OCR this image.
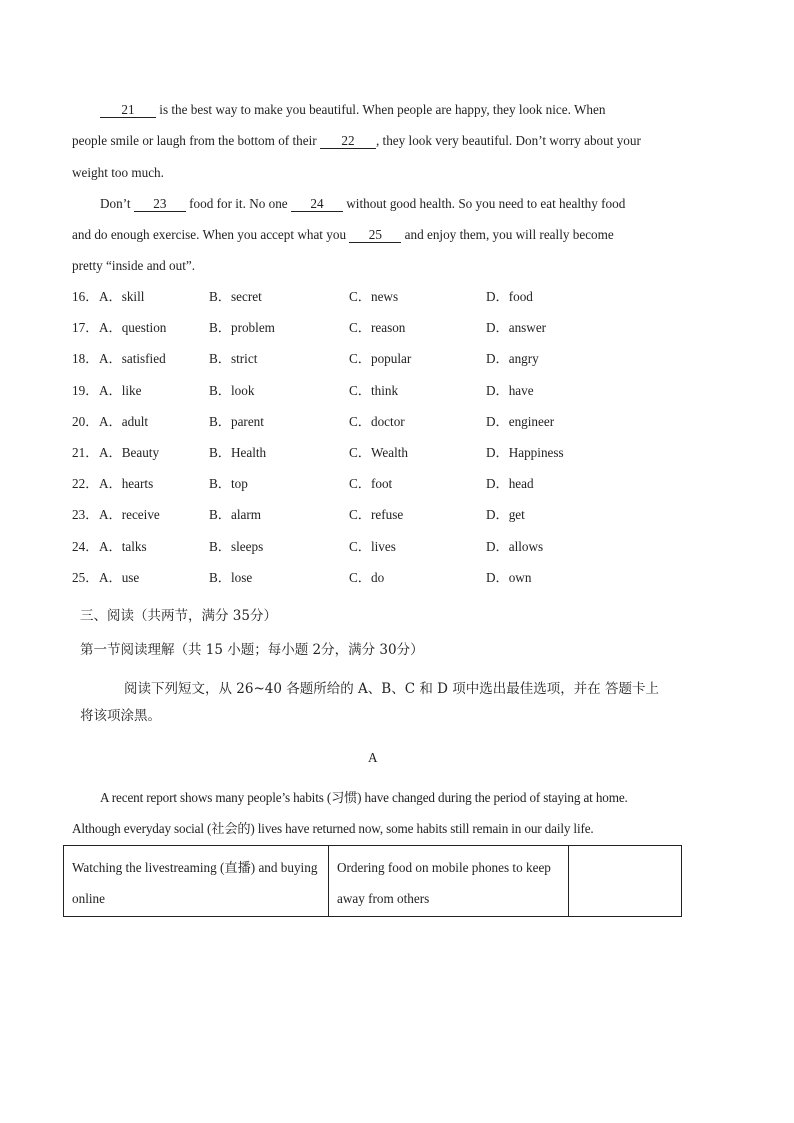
21 is the best way to make you beautiful. When people are happy, they look nice. When
people smile or laugh from the bottom of their 22 , they look very beautiful. Don’t worry about your
weight too much.
Don’t 23 food for it. No one 24 without good health. So you need to eat healthy food
and do enough exercise. When you accept what you 25 and enjoy them, you will really become
pretty “inside and out”.
16． A．skill	B．secret	C．news	D．food
17． A．question	B．problem	C．reason	D．answer
18． A．satisfied	B．strict	C．popular	D．angry
19． A．like	B．look	C．think	D．have
20． A．adult	B．parent	C．doctor	D．engineer
21． A．Beauty	B．Health	C．Wealth	D．Happiness
22． A．hearts	B．top	C．foot	D．head
23． A．receive	B．alarm	C．refuse	D．get
24． A．talks	B．sleeps	C．lives	D．allows
25． A．use	B．lose	C．do	D．own
三、阅读（共两节，满分 35分）
第一节阅读理解（共 15 小题；每小题 2分，满分 30分）
阅读下列短文，从 26~40 各题所给的 A、B、C 和 D 项中选出最佳选项，并在 答题卡上
将该项涂黑。
A
A recent report shows many people’s habits (习惯) have changed during the period of staying at home.
Although everyday social (社会的) lives have returned now, some habits still remain in our daily life.
Watching the livestreaming (直播) and buying online	Ordering food on mobile phones to keep away from others	
